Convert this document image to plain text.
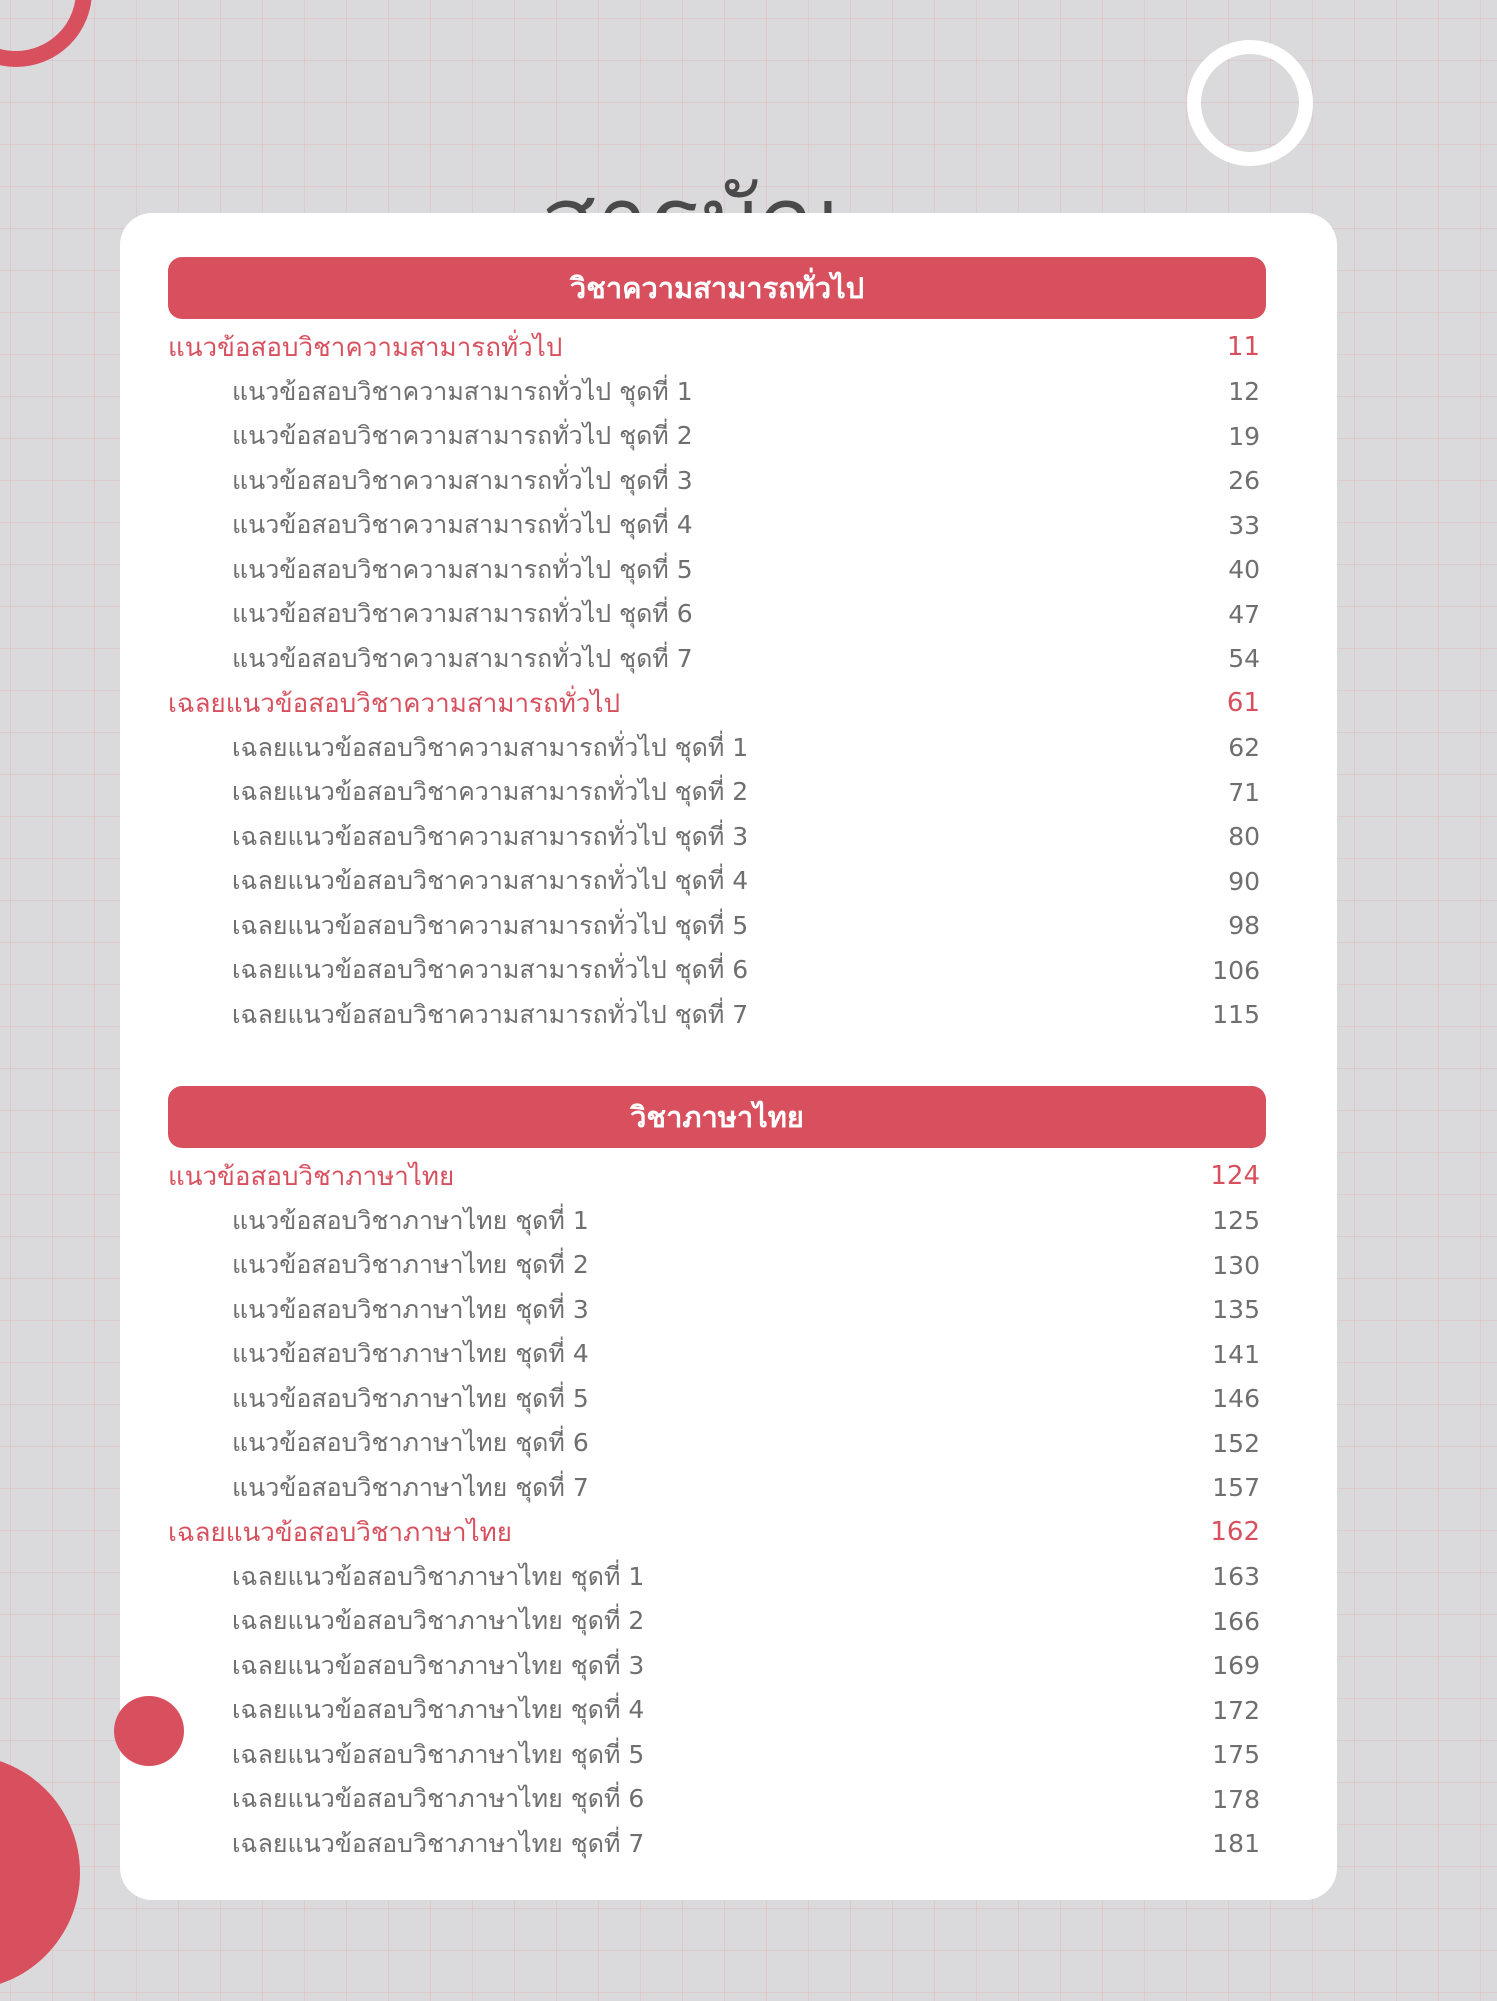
วิชาความสามารถทั่วไป
แนวข้อสอบวิชาความสามารถทั่วไป	11
แนวข้อสอบวิชาความสามารถทั่วไป ชุดที่ 1	12
แนวข้อสอบวิชาความสามารถทั่วไป ชุดที่ 2	19
แนวข้อสอบวิชาความสามารถทั่วไป ชุดที่ 3	26
แนวข้อสอบวิชาความสามารถทั่วไป ชุดที่ 4	33
แนวข้อสอบวิชาความสามารถทั่วไป ชุดที่ 5	40
แนวข้อสอบวิชาความสามารถทั่วไป ชุดที่ 6	47
แนวข้อสอบวิชาความสามารถทั่วไป ชุดที่ 7	54
เฉลยแนวข้อสอบวิชาความสามารถทั่วไป	61
เฉลยแนวข้อสอบวิชาความสามารถทั่วไป ชุดที่ 1	62
เฉลยแนวข้อสอบวิชาความสามารถทั่วไป ชุดที่ 2	71
เฉลยแนวข้อสอบวิชาความสามารถทั่วไป ชุดที่ 3	80
เฉลยแนวข้อสอบวิชาความสามารถทั่วไป ชุดที่ 4	90
เฉลยแนวข้อสอบวิชาความสามารถทั่วไป ชุดที่ 5	98
เฉลยแนวข้อสอบวิชาความสามารถทั่วไป ชุดที่ 6	106
เฉลยแนวข้อสอบวิชาความสามารถทั่วไป ชุดที่ 7	115
วิชาภาษาไทย
แนวข้อสอบวิชาภาษาไทย	124
แนวข้อสอบวิชาภาษาไทย ชุดที่ 1	125
แนวข้อสอบวิชาภาษาไทย ชุดที่ 2	130
แนวข้อสอบวิชาภาษาไทย ชุดที่ 3	135
แนวข้อสอบวิชาภาษาไทย ชุดที่ 4	141
แนวข้อสอบวิชาภาษาไทย ชุดที่ 5	146
แนวข้อสอบวิชาภาษาไทย ชุดที่ 6	152
แนวข้อสอบวิชาภาษาไทย ชุดที่ 7	157
เฉลยแนวข้อสอบวิชาภาษาไทย	162
เฉลยแนวข้อสอบวิชาภาษาไทย ชุดที่ 1	163
เฉลยแนวข้อสอบวิชาภาษาไทย ชุดที่ 2	166
เฉลยแนวข้อสอบวิชาภาษาไทย ชุดที่ 3	169
เฉลยแนวข้อสอบวิชาภาษาไทย ชุดที่ 4	172
เฉลยแนวข้อสอบวิชาภาษาไทย ชุดที่ 5	175
เฉลยแนวข้อสอบวิชาภาษาไทย ชุดที่ 6	178
เฉลยแนวข้อสอบวิชาภาษาไทย ชุดที่ 7	181
